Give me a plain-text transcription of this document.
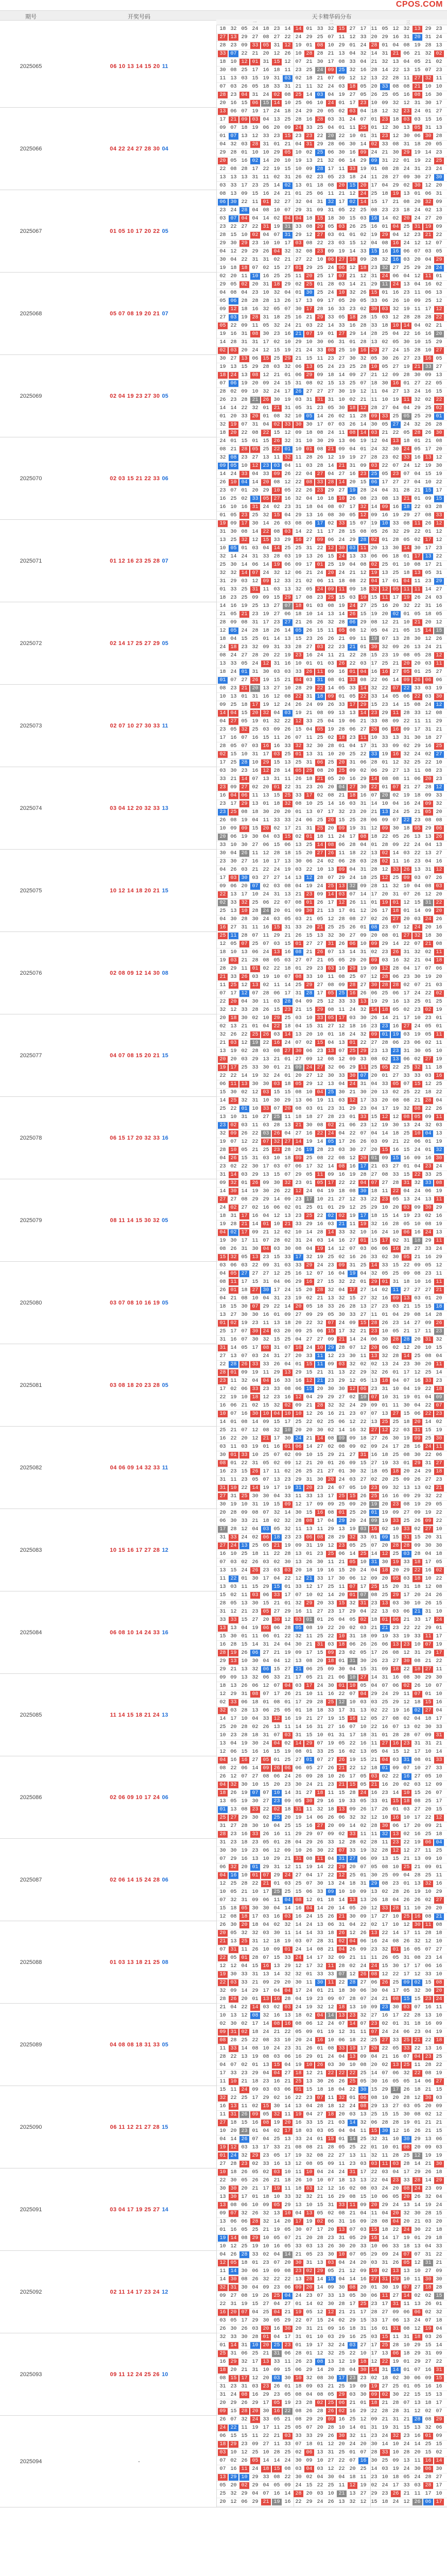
CPOS.COM
期号	开奖号码	天卡精华码分布
一	二	三
2025065	06 10 13 14 15 20 11
18 32 05 24 18 23 14 14 01 33 32 15 27 17 11 05 12 32 13 29 23
27 13 29 27 08 27 22 24 29 25 07 11 12 33 20 29 16 31 20 31 24
28 23 09 33 05 31 12 19 01 08 10 29 01 24 28 01 04 08 19 28 13
33 07 22 21 20 12 26 10 28 28 21 13 04 32 14 31 21 06 21 32 02
18 10 12 01 31 15 12 07 21 30 17 08 33 04 21 32 13 04 05 21 02
30 08 25 17 16 18 11 23 25 24 09 25 32 16 28 14 22 13 15 07 23
11 13 03 15 19 31 03 02 18 21 07 09 12 12 13 22 28 11 27 32 11
07 03 26 05 18 33 31 21 11 32 24 03 18 05 20 33 08 08 21 10 10
28 23 04 31 24 02 08 25 14 03 04 19 27 05 26 25 05 16 08 16 30
20 16 15 06 15 14 10 25 06 10 24 01 17 23 10 09 32 12 31 30 17
2025066	04 22 24 27 28 30 04
13 06 07 19 17 24 18 24 29 20 05 02 03 04 18 12 32 23 24 01 27
17 21 09 03 04 13 25 28 16 28 03 31 24 07 01 23 18 03 03 15 16
09 07 18 19 06 20 09 24 33 25 04 01 11 25 01 12 30 13 05 31 13
01 07 13 12 33 23 15 23 23 22 20 22 10 01 31 23 12 30 06 30 28
04 32 03 28 31 01 21 04 31 29 28 06 30 14 02 33 08 31 18 20 05
29 28 01 10 10 29 05 10 02 25 06 30 16 09 24 21 30 29 19 14 23
20 05 16 02 14 20 10 19 13 21 32 06 14 29 09 31 22 01 19 22 25
22 08 28 17 22 19 15 10 09 28 17 11 33 19 01 08 28 24 31 23 24
13 13 13 31 11 02 31 26 02 23 05 23 18 24 11 28 27 09 30 27 30
03 33 17 23 25 14 02 13 01 18 08 20 15 20 17 04 29 02 30 12 20
2025067	01 05 10 17 20 22 05
08 13 09 15 16 24 21 01 25 06 11 21 12 24 25 18 19 13 01 06 31
06 30 22 11 01 32 27 32 04 31 32 17 02 14 15 17 21 08 20 32 09
23 24 28 04 08 10 07 29 31 09 31 05 22 25 08 23 23 18 24 02 13
03 07 04 04 14 02 04 04 18 15 18 30 15 03 16 14 02 20 24 27 20
23 22 27 22 31 19 31 33 08 29 05 03 26 25 16 01 04 25 31 19 09
28 15 10 02 04 07 31 29 12 27 03 01 01 02 19 29 04 12 23 21 22
29 30 29 23 10 10 17 03 08 22 23 03 15 12 04 08 16 24 12 12 07
04 12 29 29 26 04 32 32 08 23 09 19 14 33 15 16 16 06 07 03 05
30 04 22 31 31 02 21 27 22 10 06 27 10 09 28 32 16 03 20 04 29
19 18 18 07 02 15 27 01 29 25 24 06 12 18 23 32 27 25 29 28 24
2025068	05 07 08 19 20 21 07
02 20 11 10 16 25 25 11 20 25 17 07 21 12 31 24 06 04 12 11 01
29 05 02 20 31 18 29 02 25 01 28 03 14 21 29 11 24 13 04 16 02
04 08 04 23 10 32 04 01 30 25 24 10 32 26 15 01 16 23 11 06 13
05 06 28 28 28 13 26 17 13 09 17 05 20 05 33 06 26 10 09 25 12
09 12 18 16 32 05 07 30 17 28 16 33 23 02 30 03 32 19 11 17 12
27 03 19 28 31 18 25 16 21 29 33 05 18 28 15 03 12 28 28 28 22
05 22 09 11 05 32 24 21 03 22 14 33 16 28 33 18 10 14 04 02 21
19 16 31 08 30 23 16 21 07 19 01 27 29 14 28 25 04 22 16 16 20
14 28 31 31 17 02 10 29 10 30 06 31 01 28 13 02 05 30 10 15 29
02 03 20 24 12 15 19 21 24 33 08 25 10 16 29 27 24 15 28 10 27
2025069	02 04 19 23 27 30 05
30 27 13 06 15 25 29 21 15 11 23 27 30 32 05 30 26 27 23 16 05
19 13 15 29 28 03 32 06 13 05 24 23 25 28 10 05 27 19 21 33 27
18 24 13 08 12 21 01 06 29 09 18 14 09 27 21 12 09 28 30 09 13
07 06 19 20 09 24 15 31 08 02 15 13 25 07 18 30 16 01 27 22 05
28 02 09 10 32 24 17 26 27 27 27 30 19 12 11 04 27 13 24 16 15
26 23 28 21 26 30 19 03 31 31 31 10 02 21 11 10 19 11 32 02 22
14 14 22 32 01 21 31 05 31 23 05 30 18 12 28 27 04 04 29 25 02
01 20 33 20 01 08 32 10 05 14 26 02 11 28 09 33 25 05 25 29 01
32 19 07 31 04 02 33 30 30 17 07 03 26 14 30 05 27 24 32 26 28
18 20 22 08 22 15 12 09 18 08 24 11 08 14 03 21 22 05 28 26 30
2025070	02 03 15 21 22 33 06
24 01 15 01 15 26 32 31 10 30 29 13 06 19 12 04 13 18 01 21 08
08 21 28 05 25 22 01 10 01 08 21 09 04 01 24 32 30 24 05 17 20
32 08 23 27 13 11 32 11 28 26 12 19 19 27 28 23 02 33 16 13 12
09 05 10 12 23 03 04 11 03 28 14 21 31 09 03 22 07 24 12 19 30
14 24 33 04 33 09 26 22 04 27 04 27 16 23 25 05 23 07 04 15 19
26 10 04 14 20 08 12 22 08 33 28 14 20 15 06 17 27 27 04 10 22
23 07 01 20 29 10 05 22 26 23 29 27 19 28 24 04 31 28 21 15 17
16 25 02 33 05 27 16 32 04 10 18 10 26 08 23 08 13 21 01 09 15
16 10 16 31 24 02 23 31 18 04 08 07 17 32 14 09 16 18 22 03 28
01 05 23 25 32 15 04 29 13 16 08 30 05 12 09 16 19 29 27 08 33
2025071	01 12 16 23 25 28 07
19 09 17 30 14 26 03 08 06 17 02 33 15 07 19 10 33 08 11 26 12
31 30 08 14 22 08 03 14 22 11 17 28 15 08 05 26 32 29 22 01 12
13 25 32 12 15 33 29 16 27 09 06 24 29 28 02 01 28 05 02 17 12
10 05 01 03 04 14 25 25 31 22 12 30 03 11 20 13 30 14 30 17 23
32 14 24 31 33 28 03 19 13 26 15 24 13 33 06 06 18 01 17 13 22
25 30 14 06 14 19 06 09 17 01 25 19 04 08 02 25 01 10 08 17 21
32 32 14 07 24 32 12 06 21 24 20 24 21 12 19 13 25 18 13 05 31
31 29 03 12 09 12 33 21 02 06 11 18 08 22 04 17 01 04 11 23 29
01 33 25 31 11 03 13 32 05 24 09 11 09 18 32 12 05 11 11 14 27
18 23 25 09 09 15 29 17 08 23 25 15 03 10 15 11 17 19 26 24 03
2025072	02 14 17 25 27 29 05
14 16 19 25 13 27 07 18 01 03 08 19 24 27 25 16 20 32 22 31 16
21 05 21 23 19 27 06 18 10 14 13 14 26 15 19 20 02 01 05 18 05
28 09 08 31 17 23 27 21 26 26 32 28 06 29 08 12 21 10 21 20 12
12 05 24 28 18 26 14 05 26 15 11 05 08 12 05 04 21 05 15 14 15
18 04 15 25 01 14 13 15 23 26 26 21 09 11 19 07 13 28 30 12 26
24 18 23 32 09 31 33 28 27 03 22 23 21 01 30 32 09 26 13 24 21
08 24 27 28 20 22 19 23 16 24 11 21 22 28 15 23 19 08 05 28 12
13 33 05 24 12 31 16 10 01 01 03 26 22 03 17 25 21 20 20 03 11
18 24 01 31 30 03 03 33 26 11 09 16 01 04 16 16 27 05 01 25 27
01 07 27 26 19 15 21 04 03 31 08 01 33 08 22 06 14 09 26 06 06
2025073	02 07 10 27 30 33 11
08 23 21 20 13 27 10 28 29 22 14 05 33 14 32 22 07 22 33 03 19
10 13 01 31 16 12 08 22 31 18 09 01 05 22 33 14 05 06 22 03 30
09 25 18 17 19 12 24 26 24 09 26 33 17 29 15 23 14 15 08 24 12
14 04 15 20 32 04 03 19 21 08 09 13 13 14 23 29 11 28 33 12 08
04 27 05 19 01 32 22 12 33 25 04 19 06 21 33 08 09 22 11 11 29
23 05 32 25 03 09 26 15 04 05 19 28 06 27 26 06 16 09 17 31 21
17 16 07 16 15 11 26 07 11 25 02 18 23 11 10 33 13 31 30 18 27
28 05 07 03 16 16 33 32 32 30 28 01 04 17 31 33 09 02 29 16 25
02 15 10 31 17 03 25 01 13 31 10 20 25 22 33 19 16 32 24 02 27
17 25 28 10 29 15 13 25 31 06 25 20 31 06 28 01 12 32 25 22 10
2025074	03 04 12 20 32 33 13
03 30 23 16 12 28 14 05 25 08 20 25 09 02 06 29 27 13 11 08 23
33 21 14 07 13 31 11 26 18 21 05 20 16 29 14 08 08 11 06 20 23
23 09 27 02 20 01 22 31 23 26 20 04 27 30 22 01 07 21 27 28 12
16 04 06 11 13 15 25 33 17 02 08 21 18 16 07 20 02 19 18 09 33
23 17 29 13 01 18 32 08 10 25 14 16 03 31 14 10 04 16 24 09 32
23 25 08 18 30 20 20 01 13 07 17 32 23 20 21 13 24 25 21 05 20
26 08 19 04 11 33 33 24 06 25 26 15 25 28 06 09 07 22 23 08 08
10 09 09 15 20 02 17 21 31 25 20 09 19 31 12 09 30 18 05 29 06
20 06 19 30 04 03 15 02 01 18 11 24 17 08 18 22 05 26 13 13 26
33 10 30 27 06 15 06 13 25 14 08 06 28 04 01 28 09 22 24 04 13
2025075	10 12 14 18 20 21 15
30 04 26 11 12 28 18 15 20 27 26 11 18 22 13 02 14 03 22 13 27
23 30 27 16 10 17 13 30 06 24 02 06 28 03 28 02 11 16 23 04 16
04 26 03 21 22 24 19 03 22 10 13 09 04 31 28 12 33 26 13 31 12
17 03 30 03 27 27 14 13 12 28 07 29 24 18 25 12 25 09 03 07 26
09 06 20 07 02 03 08 04 19 24 25 13 32 09 28 11 32 10 04 08 03
22 13 17 10 24 31 13 21 23 09 14 03 07 14 17 20 31 07 26 12 20
02 33 32 25 06 22 07 08 01 26 17 12 26 11 01 19 01 12 15 31 22
25 13 10 28 24 20 01 09 30 21 13 17 01 12 26 17 18 01 14 09 20
04 30 28 30 24 03 05 03 21 05 12 28 08 27 02 26 27 20 03 24 26
16 27 31 11 16 15 31 33 20 21 25 25 26 01 08 23 07 12 24 20 16
2025076	02 08 09 12 14 30 08
25 11 28 07 11 29 21 26 15 13 32 30 27 09 20 08 01 27 32 18 30
12 05 07 25 07 03 15 01 27 27 31 26 06 10 09 29 14 22 07 21 08
18 10 13 06 24 13 16 08 21 26 07 13 14 31 02 23 26 31 32 02 11
19 03 21 28 08 05 03 27 07 21 05 05 29 20 09 03 16 32 21 04 18
28 29 11 01 02 22 18 01 29 23 03 10 29 19 09 12 28 04 17 07 06
21 33 26 03 19 10 07 08 33 10 11 08 25 07 12 28 06 23 30 19 20
11 25 12 13 02 11 14 25 29 27 08 09 28 27 30 28 28 02 07 21 03
07 17 12 07 28 06 17 31 28 17 05 25 16 26 06 25 06 17 24 22 02
22 20 04 30 11 03 28 04 09 25 12 33 33 13 19 29 16 13 25 01 25
32 12 33 28 26 15 23 21 15 29 08 11 24 32 14 18 05 02 23 02 19
2025077	04 07 08 15 20 21 15
20 18 30 02 10 29 25 03 10 33 05 17 03 30 26 14 21 17 10 23 01
02 13 21 01 04 22 18 04 15 31 27 12 18 16 23 23 16 27 24 05 01
32 26 22 25 26 03 14 13 20 10 01 18 24 32 09 01 19 03 19 05 11
21 03 12 19 22 16 24 07 02 15 04 13 01 22 27 28 06 23 06 02 11
13 19 02 28 03 08 27 30 06 23 13 07 25 29 23 13 23 31 30 05 10
20 20 03 29 13 21 01 27 09 12 08 12 09 33 08 02 13 06 02 27 19
19 17 25 33 30 01 21 09 24 27 32 06 29 11 25 05 22 25 32 11 18
22 22 14 19 32 24 01 20 27 12 30 33 30 07 20 01 27 33 33 03 16
06 11 13 30 30 03 18 05 29 12 13 04 24 31 04 33 05 07 15 12 25
15 30 02 12 03 15 15 08 10 04 25 30 21 30 20 13 02 25 22 18 22
2025078	06 15 17 20 32 33 16
14 25 32 31 10 30 29 13 06 19 11 03 12 17 33 20 08 08 21 28 04
25 22 01 10 33 07 20 08 03 01 23 31 29 23 04 17 19 32 08 22 26
13 10 31 10 27 25 11 18 18 27 28 23 01 33 15 12 12 08 05 09 11
23 02 03 11 03 28 13 21 30 08 02 21 06 23 12 19 30 13 24 32 03
32 09 26 22 03 26 04 27 16 22 24 04 22 07 04 14 18 25 10 04 13
19 07 12 22 07 32 27 14 19 14 05 17 26 26 03 09 21 22 06 01 19
28 10 05 21 25 23 28 26 19 28 23 03 30 27 20 15 16 15 24 01 32
04 26 15 31 03 10 18 09 25 08 22 08 12 20 01 09 15 16 09 16 30
23 02 22 30 17 03 07 06 17 32 14 08 16 17 21 03 27 01 04 23 24
31 14 03 29 13 15 07 29 05 11 09 16 19 28 27 08 33 15 22 33 25
2025079	08 11 14 15 30 32 05
09 32 01 26 09 30 32 23 01 05 17 22 22 04 07 27 28 31 32 33 08
14 30 14 19 30 26 22 12 24 04 19 18 08 30 18 11 22 04 24 06 19
27 27 08 29 29 14 09 23 17 10 21 27 12 33 22 23 05 13 24 13 11
24 02 27 02 16 06 02 01 25 01 01 29 12 25 29 10 20 03 09 30 29
18 31 17 16 04 12 13 23 25 22 02 02 19 17 18 15 14 19 23 02 16
19 28 21 14 01 10 21 33 29 16 03 21 11 19 32 16 28 05 10 08 19
04 02 17 09 21 12 02 10 14 28 14 33 32 10 16 24 10 06 16 24 13
19 30 17 11 07 28 02 31 24 03 14 16 27 01 15 17 02 31 18 29 11
08 26 31 30 04 03 30 08 04 19 14 12 07 03 06 06 16 28 27 33 24
15 32 05 13 23 15 33 17 32 19 25 02 16 26 33 02 30 05 21 16 29
2025080	03 07 08 10 16 19 05
03 06 03 22 09 31 03 33 29 24 23 09 31 25 14 33 15 22 09 05 12
04 05 27 27 27 12 25 16 12 07 16 04 19 04 32 05 25 09 08 23 11
08 11 17 15 31 04 06 29 16 27 15 32 22 01 29 01 31 18 10 16 11
26 01 18 27 30 17 24 15 20 28 32 04 17 27 14 02 11 27 27 27 21
04 21 08 10 04 31 23 19 02 21 13 32 15 27 32 16 09 13 03 01 20
18 15 30 07 29 22 14 20 05 18 33 26 28 13 27 23 03 21 15 15 18
13 27 30 30 16 01 09 27 09 29 05 30 33 27 11 01 04 29 08 14 28
01 02 19 23 11 13 18 20 22 32 07 24 09 15 28 26 23 14 27 09 26
25 17 07 30 24 03 20 09 25 06 15 17 32 21 23 10 05 21 17 11 23
31 16 07 30 32 15 25 04 27 27 09 21 14 24 06 30 28 28 20 31 32
2025081	03 08 18 20 23 28 05
31 14 05 17 08 31 07 10 24 10 29 28 07 12 20 06 02 12 20 10 15
27 13 07 03 24 31 27 20 33 11 12 23 30 11 13 32 28 14 25 08 04
22 28 26 33 33 26 04 01 15 11 09 03 32 02 02 13 24 23 30 20 11
28 01 09 19 11 29 13 29 15 21 31 13 22 29 32 26 01 17 12 25 14
23 11 32 04 04 16 33 16 12 21 23 29 12 05 13 18 04 07 16 33 23
17 02 06 33 23 33 08 06 15 20 30 30 12 06 23 31 10 04 19 22 18
22 19 10 18 12 23 16 12 04 29 29 27 02 10 07 10 31 19 01 04 09
16 06 21 02 15 32 02 09 21 28 32 32 24 29 09 01 11 30 04 22 07
10 07 16 30 10 04 10 10 12 26 16 21 23 07 07 13 27 15 06 22 23
14 01 08 14 09 15 17 25 22 02 25 06 12 22 13 25 25 18 20 14 02
2025082	04 06 09 14 32 33 11
25 21 07 12 08 32 10 20 20 30 02 14 16 32 27 12 22 03 31 15 19
16 22 20 12 21 17 30 24 21 14 08 09 09 18 27 26 30 19 09 25 30
03 11 03 19 01 16 01 06 14 27 02 08 09 02 09 24 17 28 16 24 11
30 01 33 10 25 07 02 09 10 15 29 21 27 31 16 18 25 08 30 22 06
08 01 22 31 05 02 09 12 21 20 01 26 09 15 27 19 33 01 29 31 27
16 23 15 26 17 11 02 26 25 21 27 01 30 32 18 05 18 20 24 29 18
31 11 23 05 07 13 23 29 31 30 20 24 03 27 02 20 25 09 26 27 23
31 10 22 14 19 17 19 31 20 23 24 07 05 10 23 09 32 13 13 02 21
27 31 25 30 30 04 33 11 33 13 17 25 15 26 25 16 16 09 29 32 22
30 19 10 31 19 15 09 12 17 09 09 25 09 20 19 20 23 08 19 29 05
2025083	10 15 16 17 27 28 12
20 28 09 08 07 32 14 30 15 16 08 01 25 20 01 19 09 27 09 19 22
06 30 33 21 18 02 32 28 08 17 04 29 20 24 09 19 33 25 26 09 22
17 28 12 04 03 05 32 11 13 11 29 13 19 03 16 02 10 33 02 27 10
31 33 24 02 06 18 23 23 06 08 28 29 32 33 01 09 15 31 15 20 31
27 24 13 25 05 21 19 09 31 19 12 23 05 25 07 20 28 28 09 30 30
16 10 25 18 11 22 28 13 01 23 25 06 14 25 14 12 25 03 28 04 18
07 03 02 26 03 02 30 13 26 30 11 21 05 10 31 30 19 33 18 17 05
13 15 24 26 23 03 03 20 18 19 16 15 20 24 04 18 20 29 22 16 02
11 22 01 30 17 04 22 12 21 33 17 30 06 12 09 20 05 03 18 10 22
13 03 11 15 29 15 01 33 12 17 25 11 07 17 25 15 20 31 18 12 08
2025084	06 08 10 14 24 33 16
15 02 11 03 06 33 17 07 10 02 14 20 01 07 08 25 29 17 20 24 26
28 05 13 30 15 21 01 32 29 20 33 15 32 31 23 13 03 30 10 26 15
31 12 21 23 05 27 29 16 11 27 23 17 29 04 22 13 03 06 21 31 10
33 33 15 27 20 30 12 03 01 01 26 04 05 02 18 01 06 21 33 17 24
13 13 04 19 06 06 28 05 08 19 22 20 02 03 21 21 23 22 22 29 01
15 30 01 11 06 01 22 32 11 25 22 10 31 18 09 19 33 19 33 11 17
16 28 15 14 31 24 04 30 21 31 03 18 06 26 26 06 13 23 10 07 19
28 19 26 06 27 21 19 09 17 15 09 23 02 05 17 26 08 12 31 29 17
29 13 10 30 04 04 12 13 08 20 18 01 31 30 26 23 27 30 08 21 22
29 21 13 32 06 15 27 21 06 25 09 30 04 15 31 09 18 22 18 27 11
2025085	11 14 15 18 21 24 13
09 09 13 32 06 33 21 17 05 21 21 06 10 27 14 31 16 08 30 29 30
18 13 26 06 12 07 04 03 17 24 30 01 10 05 04 07 06 02 26 10 07
12 29 31 08 07 17 26 21 10 11 16 22 07 04 29 24 29 11 07 01 10
02 33 06 18 01 08 01 17 29 28 25 12 10 03 03 25 29 12 18 15 16
32 03 28 13 06 25 05 01 18 18 33 17 31 13 02 22 19 16 02 27 04
14 17 10 04 33 12 16 19 21 27 19 15 16 12 05 27 08 02 04 18 17
25 20 28 02 26 13 11 14 16 31 27 16 07 10 22 16 07 13 02 30 33
10 23 28 18 31 07 03 31 15 10 01 31 17 18 31 01 28 28 07 09 31
13 04 19 30 24 04 02 14 29 07 19 05 22 16 11 27 16 23 31 31 21
12 06 15 16 16 15 19 08 01 33 25 16 02 13 05 04 15 12 17 10 14
2025086	02 06 09 10 17 24 06
04 16 16 27 05 01 25 27 01 07 27 26 19 15 21 04 03 31 08 01 33
08 22 06 14 09 26 06 06 05 27 26 21 22 12 18 01 09 07 10 27 33
26 12 07 27 08 06 24 26 09 28 10 26 17 05 03 02 22 16 27 05 10
04 32 30 10 15 20 23 30 24 21 23 21 15 05 21 16 20 02 03 12 09
18 26 19 07 07 10 14 31 27 18 11 15 28 24 16 23 14 10 15 26 07
13 05 19 30 27 23 09 05 30 29 16 19 33 05 33 01 15 18 08 25 17
01 13 08 23 22 02 18 31 11 32 18 13 09 26 17 26 01 03 27 20 15
25 27 29 30 02 25 20 19 14 06 26 06 32 32 12 10 16 10 17 22 12
31 27 28 30 10 04 25 15 16 27 20 09 14 02 28 30 06 17 20 09 21
28 23 16 33 26 16 11 29 29 07 09 02 33 11 11 32 13 02 16 25 18
2025087	02 06 14 15 24 28 06
31 23 18 23 05 01 28 04 29 26 33 12 28 02 28 11 23 22 19 06 04
30 30 19 23 06 12 09 10 26 30 22 07 33 19 32 28 12 12 27 11 25
07 29 16 13 10 29 21 31 08 11 04 31 27 06 09 13 15 21 13 09 10
06 32 20 01 29 31 12 11 19 14 22 29 20 07 05 08 10 25 21 09 01
04 16 10 01 07 29 24 27 04 17 22 12 25 01 30 25 09 04 28 25 11
12 25 28 22 21 01 03 25 07 30 13 24 18 31 29 08 23 01 13 32 16
10 05 21 10 17 25 25 15 06 33 09 10 10 09 13 02 28 26 19 10 29
07 32 31 09 06 11 04 08 12 01 18 14 13 13 26 18 04 26 26 02 27
15 18 05 30 30 04 14 16 04 14 20 14 05 20 12 33 28 11 10 20 20
12 08 18 17 03 16 03 16 24 15 26 21 30 09 17 27 10 25 16 08 21
2025088	01 03 13 18 21 25 08
26 30 20 18 04 02 32 14 24 13 06 31 04 22 02 17 10 12 30 11 08
20 05 32 32 03 30 11 14 14 33 18 26 12 26 13 22 14 17 11 28 18
21 13 25 31 12 18 19 03 07 28 31 02 04 06 16 24 08 26 32 12 10
07 31 11 26 10 09 01 24 14 08 21 04 26 09 23 32 01 16 05 07 27
22 05 01 28 07 15 33 24 14 17 32 09 21 11 11 26 05 31 08 23 14
12 12 04 15 16 13 29 12 17 32 11 28 02 24 24 15 30 17 17 06 16
19 30 33 31 13 14 32 32 01 33 33 07 12 26 08 12 22 17 12 33 10
22 03 33 21 09 29 20 30 11 30 11 22 28 27 06 26 25 09 02 15 08
32 09 14 29 17 04 04 17 24 01 21 18 30 06 30 04 17 05 32 30 20
28 26 20 01 13 16 28 04 19 23 09 07 28 07 24 21 08 15 15 23 24
2025089	04 08 08 18 31 33 05
21 04 22 14 03 02 03 24 19 32 12 18 13 10 09 23 30 03 07 16 11
10 13 12 08 32 16 13 18 02 04 14 13 23 32 27 16 17 22 28 13 10
02 30 02 17 14 08 16 08 06 12 24 07 14 07 23 02 01 31 18 16 09
09 31 02 18 24 21 22 05 09 01 19 12 31 11 07 24 24 06 23 04 19
08 28 25 22 08 33 10 20 24 16 10 06 18 22 25 27 33 25 21 22 18
11 33 14 08 10 24 23 31 26 01 08 33 19 17 20 22 05 33 22 13 16
28 22 13 19 08 03 06 16 29 01 24 04 13 09 04 21 16 07 04 23 25
04 07 02 01 13 15 04 19 10 26 03 30 10 08 20 02 13 25 11 28 22
17 33 23 29 04 04 27 18 12 21 22 22 22 25 14 07 06 32 22 08 19
11 10 21 18 23 16 21 25 13 30 26 26 25 05 30 16 05 05 14 06 27
2025090	06 11 12 21 27 28 15
15 11 24 09 03 03 06 01 15 18 18 04 22 30 15 29 17 26 18 21 15
32 22 25 17 29 02 16 22 23 07 11 32 01 06 08 10 20 28 12 30 03
16 13 11 02 15 30 14 13 04 28 18 12 24 08 29 13 27 03 05 20 09
11 31 26 09 05 32 11 19 04 27 18 20 03 13 25 15 15 30 08 02 12
27 18 15 16 08 19 20 16 33 15 21 03 14 32 06 28 28 19 01 21 21
10 20 23 01 04 02 17 18 03 03 05 04 04 11 15 30 12 16 26 21 15
04 14 26 07 04 25 13 33 24 01 15 01 14 25 32 31 10 30 29 13 06
19 12 03 13 17 33 21 08 08 21 28 05 25 22 01 10 01 08 20 09 03
01 24 32 29 23 05 17 19 32 08 22 27 13 11 32 11 28 25 12 19 19
27 28 23 02 33 16 13 12 08 05 09 11 23 03 03 11 03 28 14 21 30
2025091	03 04 17 19 25 27 14
10 18 26 05 02 03 10 11 10 04 24 24 31 17 22 03 04 17 29 26 18
22 30 05 26 26 21 18 26 10 10 07 18 13 13 22 04 23 33 28 14 29
30 30 20 21 17 19 11 18 03 12 12 16 02 08 03 24 20 08 24 23 09
13 30 17 01 18 10 33 32 32 21 16 29 08 15 10 06 05 20 26 32 04
13 08 06 10 09 05 29 13 10 15 31 33 11 09 20 29 24 13 14 19 24
09 07 32 26 32 13 10 04 13 05 02 08 21 04 11 04 20 32 30 28 15
13 06 06 28 32 14 20 17 19 02 06 31 16 09 28 08 04 20 21 03 20
01 16 05 25 21 19 05 30 07 17 20 13 07 03 15 18 22 24 30 22 18
19 14 08 29 10 05 07 21 20 28 23 31 05 29 16 14 17 19 01 29 18
10 12 25 19 10 16 05 33 03 13 26 30 20 33 10 06 33 18 13 04 33
2025092	02 11 14 17 23 24 12
04 26 28 33 02 04 14 21 05 23 30 10 07 05 29 09 24 07 07 31 22
12 05 18 01 23 07 20 30 31 13 03 04 24 20 03 31 26 05 12 31 21
11 14 30 06 19 09 08 23 02 29 05 21 12 09 10 02 13 13 10 27 09
14 30 08 26 32 22 22 13 28 14 15 04 14 16 27 31 29 10 11 30 30
32 31 30 04 09 23 06 09 20 14 09 30 08 20 01 30 19 07 27 18 28
09 27 08 19 26 25 04 24 23 07 33 13 05 30 06 11 27 14 02 02 15
22 31 19 15 27 04 27 01 14 02 30 28 17 25 23 17 31 11 13 26 01
16 20 07 04 25 04 21 19 05 12 12 21 21 17 28 27 09 06 06 02 32
03 05 17 29 30 05 29 22 07 15 24 02 29 15 33 17 06 13 24 07 18
26 30 26 03 20 16 30 20 31 21 09 16 18 31 16 01 31 08 12 19 04
2025093	09 11 12 24 25 26 10
32 33 30 28 01 04 17 31 01 10 03 29 16 25 03 15 11 31 18 03 26
01 14 31 10 20 25 23 01 19 17 32 24 03 27 17 25 28 10 29 15 14
25 31 06 25 21 31 06 28 01 12 32 25 22 10 17 13 06 18 29 31 09
16 29 32 17 13 33 11 26 23 08 13 12 19 18 12 22 19 01 29 27 22
18 20 21 31 10 09 15 06 29 14 20 28 04 30 14 31 14 01 07 16 31
08 15 17 12 20 03 30 10 32 08 30 17 23 23 02 18 02 30 06 09 15
31 23 31 03 23 26 01 18 09 03 21 25 19 09 19 27 25 01 05 16 16
31 24 08 16 29 23 05 08 04 08 05 29 03 30 09 02 30 22 15 15 13
20 29 26 29 17 05 19 23 28 02 25 06 21 01 18 21 28 07 13 18 17
09 15 28 20 30 16 22 08 26 28 26 02 16 29 22 28 28 31 12 02 07
2025094	-
26 07 32 24 33 05 21 08 29 29 09 16 25 12 09 21 31 21 28 08 29
24 22 11 19 17 11 25 05 07 20 28 10 14 01 31 19 31 15 13 32 06
06 15 15 11 22 21 03 33 33 29 26 30 32 11 23 24 32 23 16 01 09
18 29 23 09 27 11 33 07 18 01 12 20 24 20 30 14 10 24 14 25 15
03 10 12 25 10 28 25 02 06 13 31 25 01 07 28 33 10 28 20 15 02
07 02 26 05 14 14 24 30 09 10 27 22 07 16 30 25 09 13 11 16 14
07 16 11 24 18 15 08 03 04 03 12 22 20 25 14 03 19 24 30 06 30
13 29 10 29 33 08 22 30 02 04 30 04 18 11 23 10 18 05 24 28 27
05 20 02 29 04 05 09 24 15 22 25 11 12 19 02 24 17 33 03 28 17
25 32 29 04 07 16 14 28 20 03 10 21 13 27 29 23 26 21 11 17 10
20 12 06 29 21 19 16 22 29 24 26 13 32 12 15 18 24 12 26 06 17
